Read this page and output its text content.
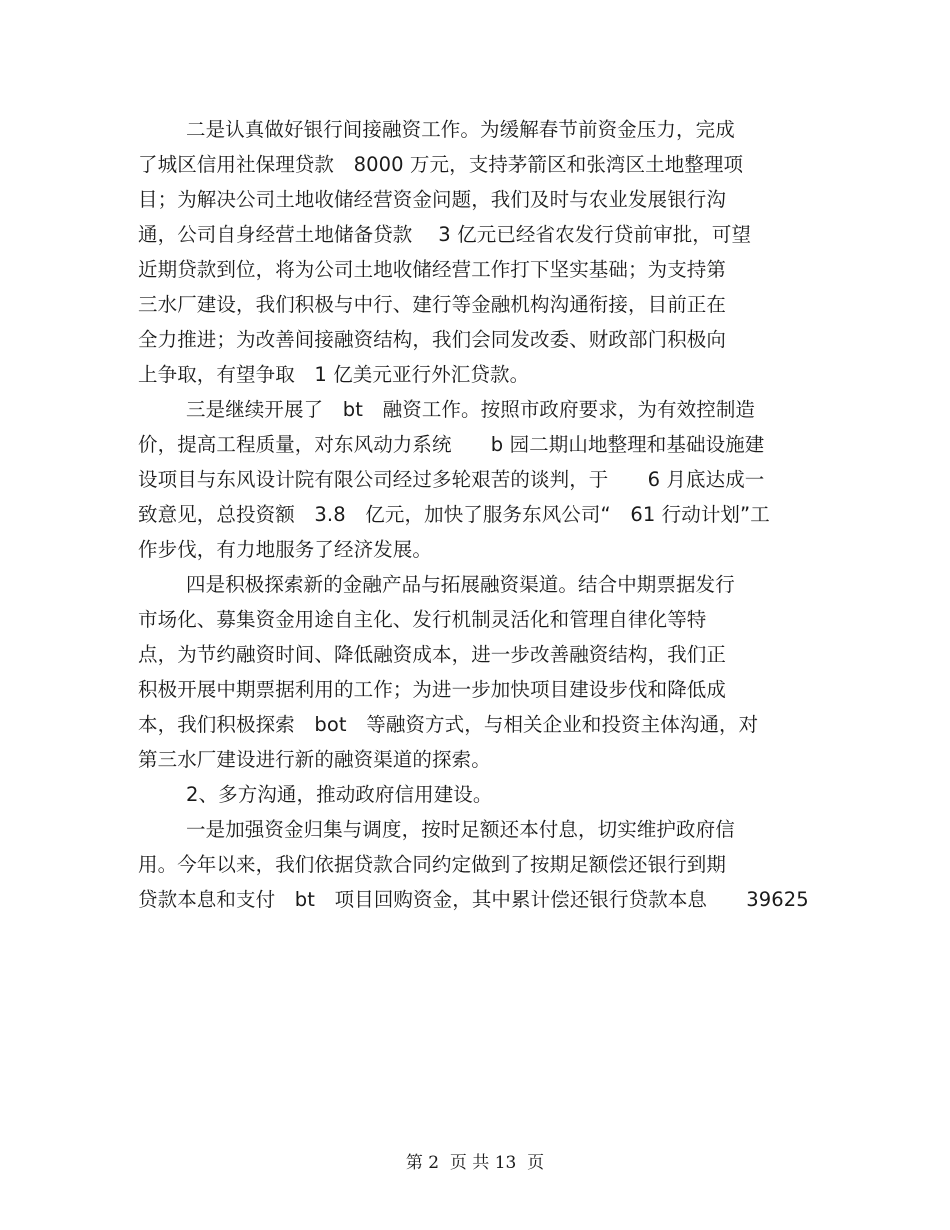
二是认真做好银行间接融资工作。为缓解春节前资金压力，完成
了城区信用社保理贷款　8000 万元，支持茅箭区和张湾区土地整理项
目；为解决公司土地收储经营资金问题，我们及时与农业发展银行沟
通，公司自身经营土地储备贷款　 3 亿元已经省农发行贷前审批，可望
近期贷款到位，将为公司土地收储经营工作打下坚实基础；为支持第
三水厂建设，我们积极与中行、建行等金融机构沟通衔接，目前正在
全力推进；为改善间接融资结构，我们会同发改委、财政部门积极向
上争取，有望争取　1 亿美元亚行外汇贷款。
三是继续开展了　bt　融资工作。按照市政府要求，为有效控制造
价，提高工程质量，对东风动力系统　　b 园二期山地整理和基础设施建
设项目与东风设计院有限公司经过多轮艰苦的谈判，于　　6 月底达成一
致意见，总投资额　3.8　亿元，加快了服务东风公司“　61 行动计划”工
作步伐，有力地服务了经济发展。
四是积极探索新的金融产品与拓展融资渠道。结合中期票据发行
市场化、募集资金用途自主化、发行机制灵活化和管理自律化等特
点，为节约融资时间、降低融资成本，进一步改善融资结构，我们正
积极开展中期票据利用的工作；为进一步加快项目建设步伐和降低成
本，我们积极探索　bot　等融资方式，与相关企业和投资主体沟通，对
第三水厂建设进行新的融资渠道的探索。
2、多方沟通，推动政府信用建设。
一是加强资金归集与调度，按时足额还本付息，切实维护政府信
用。今年以来，我们依据贷款合同约定做到了按期足额偿还银行到期
贷款本息和支付　bt　项目回购资金，其中累计偿还银行贷款本息　　39625
第 2  页 共 13  页
